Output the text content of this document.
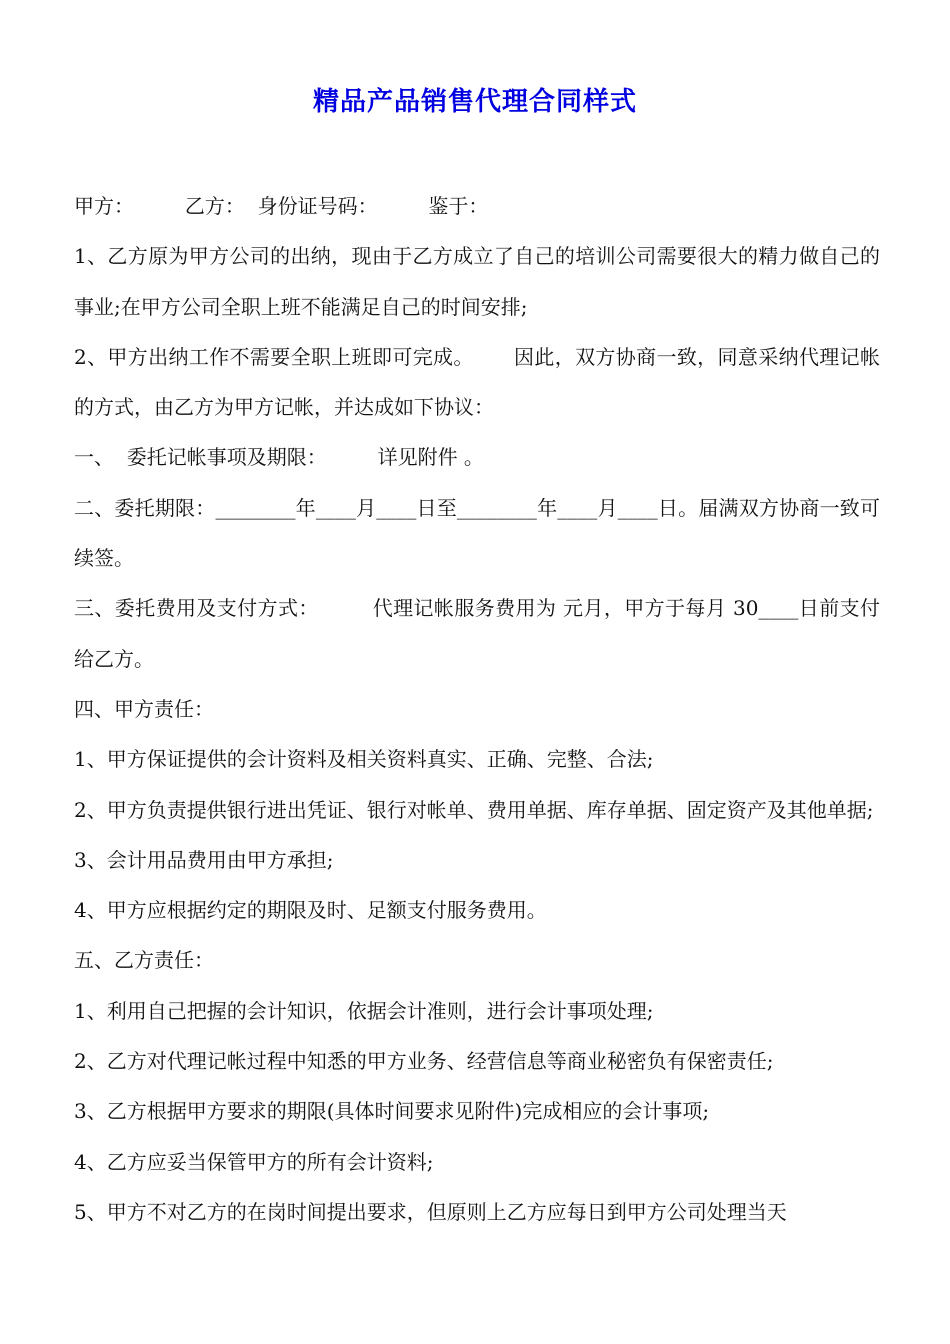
精品产品销售代理合同样式

甲方：        乙方：  身份证号码：        鉴于：

1、乙方原为甲方公司的出纳，现由于乙方成立了自己的培训公司需要很大的精力做自己的事业;在甲方公司全职上班不能满足自己的时间安排;

2、甲方出纳工作不需要全职上班即可完成。      因此，双方协商一致，同意采纳代理记帐的方式，由乙方为甲方记帐，并达成如下协议：

一、  委托记帐事项及期限：        详见附件 。

二、委托期限：________年____月____日至________年____月____日。届满双方协商一致可续签。

三、委托费用及支付方式：        代理记帐服务费用为 元月，甲方于每月 30____日前支付给乙方。

四、甲方责任：

1、甲方保证提供的会计资料及相关资料真实、正确、完整、合法;

2、甲方负责提供银行进出凭证、银行对帐单、费用单据、库存单据、固定资产及其他单据;

3、会计用品费用由甲方承担;

4、甲方应根据约定的期限及时、足额支付服务费用。

五、乙方责任：

1、利用自己把握的会计知识，依据会计准则，进行会计事项处理;

2、乙方对代理记帐过程中知悉的甲方业务、经营信息等商业秘密负有保密责任;

3、乙方根据甲方要求的期限(具体时间要求见附件)完成相应的会计事项;

4、乙方应妥当保管甲方的所有会计资料;

5、甲方不对乙方的在岗时间提出要求，但原则上乙方应每日到甲方公司处理当天
